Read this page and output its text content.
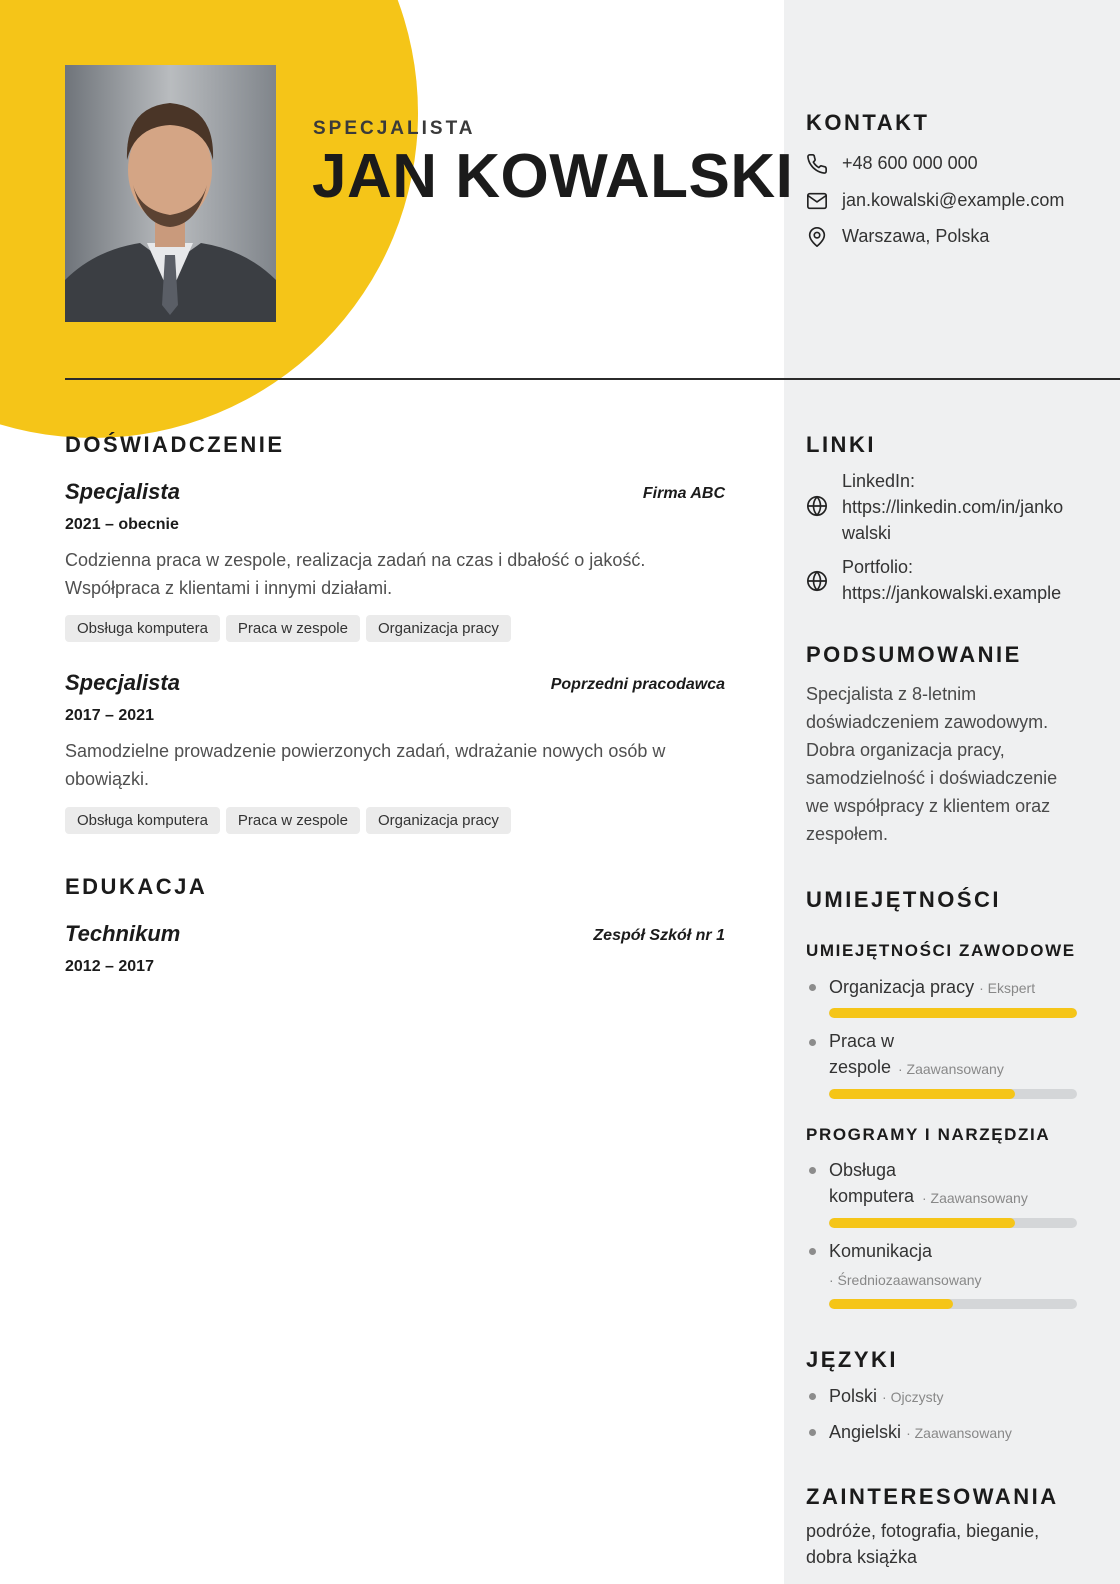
SPECJALISTA
JAN KOWALSKI
KONTAKT
+48 600 000 000
jan.kowalski@example.com
Warszawa, Polska
LINKI
LinkedIn:
https://linkedin.com/in/janko walski
Portfolio:
https://jankowalski.example
PODSUMOWANIE
Specjalista z 8-letnim doświadczeniem zawodowym. Dobra organizacja pracy, samodzielność i doświadczenie we współpracy z klientem oraz zespołem.
UMIEJĘTNOŚCI
UMIEJĘTNOŚCI ZAWODOWE
Organizacja pracy · Ekspert
Praca w zespole · Zaawansowany
PROGRAMY I NARZĘDZIA
Obsługa komputera · Zaawansowany
Komunikacja
· Średniozaawansowany
JĘZYKI
Polski · Ojczysty
Angielski · Zaawansowany
ZAINTERESOWANIA
podróże, fotografia, bieganie, dobra książka
DOŚWIADCZENIE
Specjalista	Firma ABC
2021 – obecnie
Codzienna praca w zespole, realizacja zadań na czas i dbałość o jakość. Współpraca z klientami i innymi działami.
Obsługa komputera	Praca w zespole	Organizacja pracy
Specjalista	Poprzedni pracodawca
2017 – 2021
Samodzielne prowadzenie powierzonych zadań, wdrażanie nowych osób w obowiązki.
Obsługa komputera	Praca w zespole	Organizacja pracy
EDUKACJA
Technikum	Zespół Szkół nr 1
2012 – 2017
